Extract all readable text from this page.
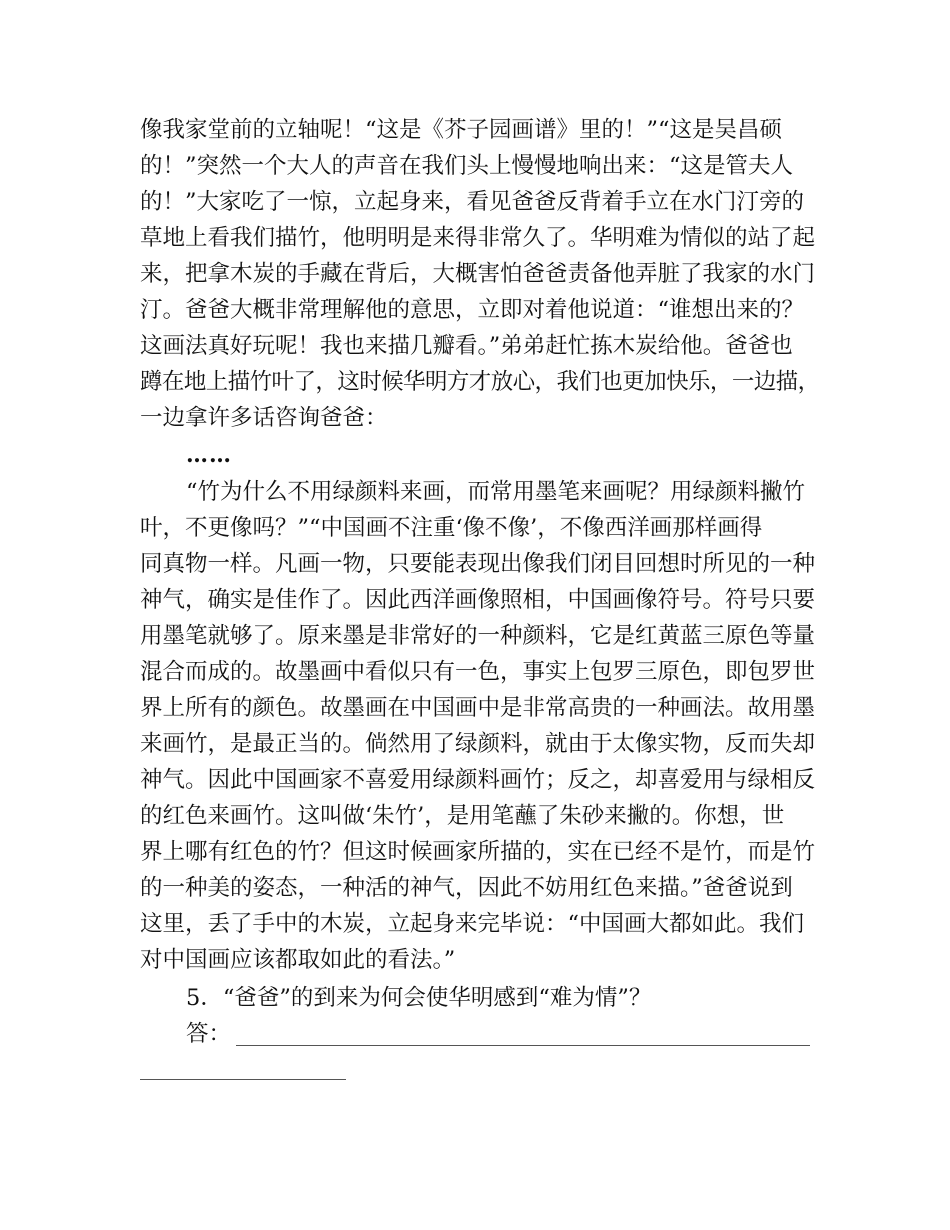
像我家堂前的立轴呢！“这是《芥子园画谱》里的！”“这是吴昌硕
的！”突然一个大人的声音在我们头上慢慢地响出来：“这是管夫人
的！”大家吃了一惊，立起身来，看见爸爸反背着手立在水门汀旁的
草地上看我们描竹，他明明是来得非常久了。华明难为情似的站了起
来，把拿木炭的手藏在背后，大概害怕爸爸责备他弄脏了我家的水门
汀。爸爸大概非常理解他的意思，立即对着他说道：“谁想出来的？
这画法真好玩呢！我也来描几瓣看。”弟弟赶忙拣木炭给他。爸爸也
蹲在地上描竹叶了，这时候华明方才放心，我们也更加快乐，一边描，
一边拿许多话咨询爸爸：
……
“竹为什么不用绿颜料来画，而常用墨笔来画呢？用绿颜料撇竹
叶，不更像吗？”“中国画不注重‘像不像’，不像西洋画那样画得
同真物一样。凡画一物，只要能表现出像我们闭目回想时所见的一种
神气，确实是佳作了。因此西洋画像照相，中国画像符号。符号只要
用墨笔就够了。原来墨是非常好的一种颜料，它是红黄蓝三原色等量
混合而成的。故墨画中看似只有一色，事实上包罗三原色，即包罗世
界上所有的颜色。故墨画在中国画中是非常高贵的一种画法。故用墨
来画竹，是最正当的。倘然用了绿颜料，就由于太像实物，反而失却
神气。因此中国画家不喜爱用绿颜料画竹；反之，却喜爱用与绿相反
的红色来画竹。这叫做‘朱竹’，是用笔蘸了朱砂来撇的。你想，世
界上哪有红色的竹？但这时候画家所描的，实在已经不是竹，而是竹
的一种美的姿态，一种活的神气，因此不妨用红色来描。”爸爸说到
这里，丢了手中的木炭，立起身来完毕说：“中国画大都如此。我们
对中国画应该都取如此的看法。”
5．“爸爸”的到来为何会使华明感到“难为情”？
答：
